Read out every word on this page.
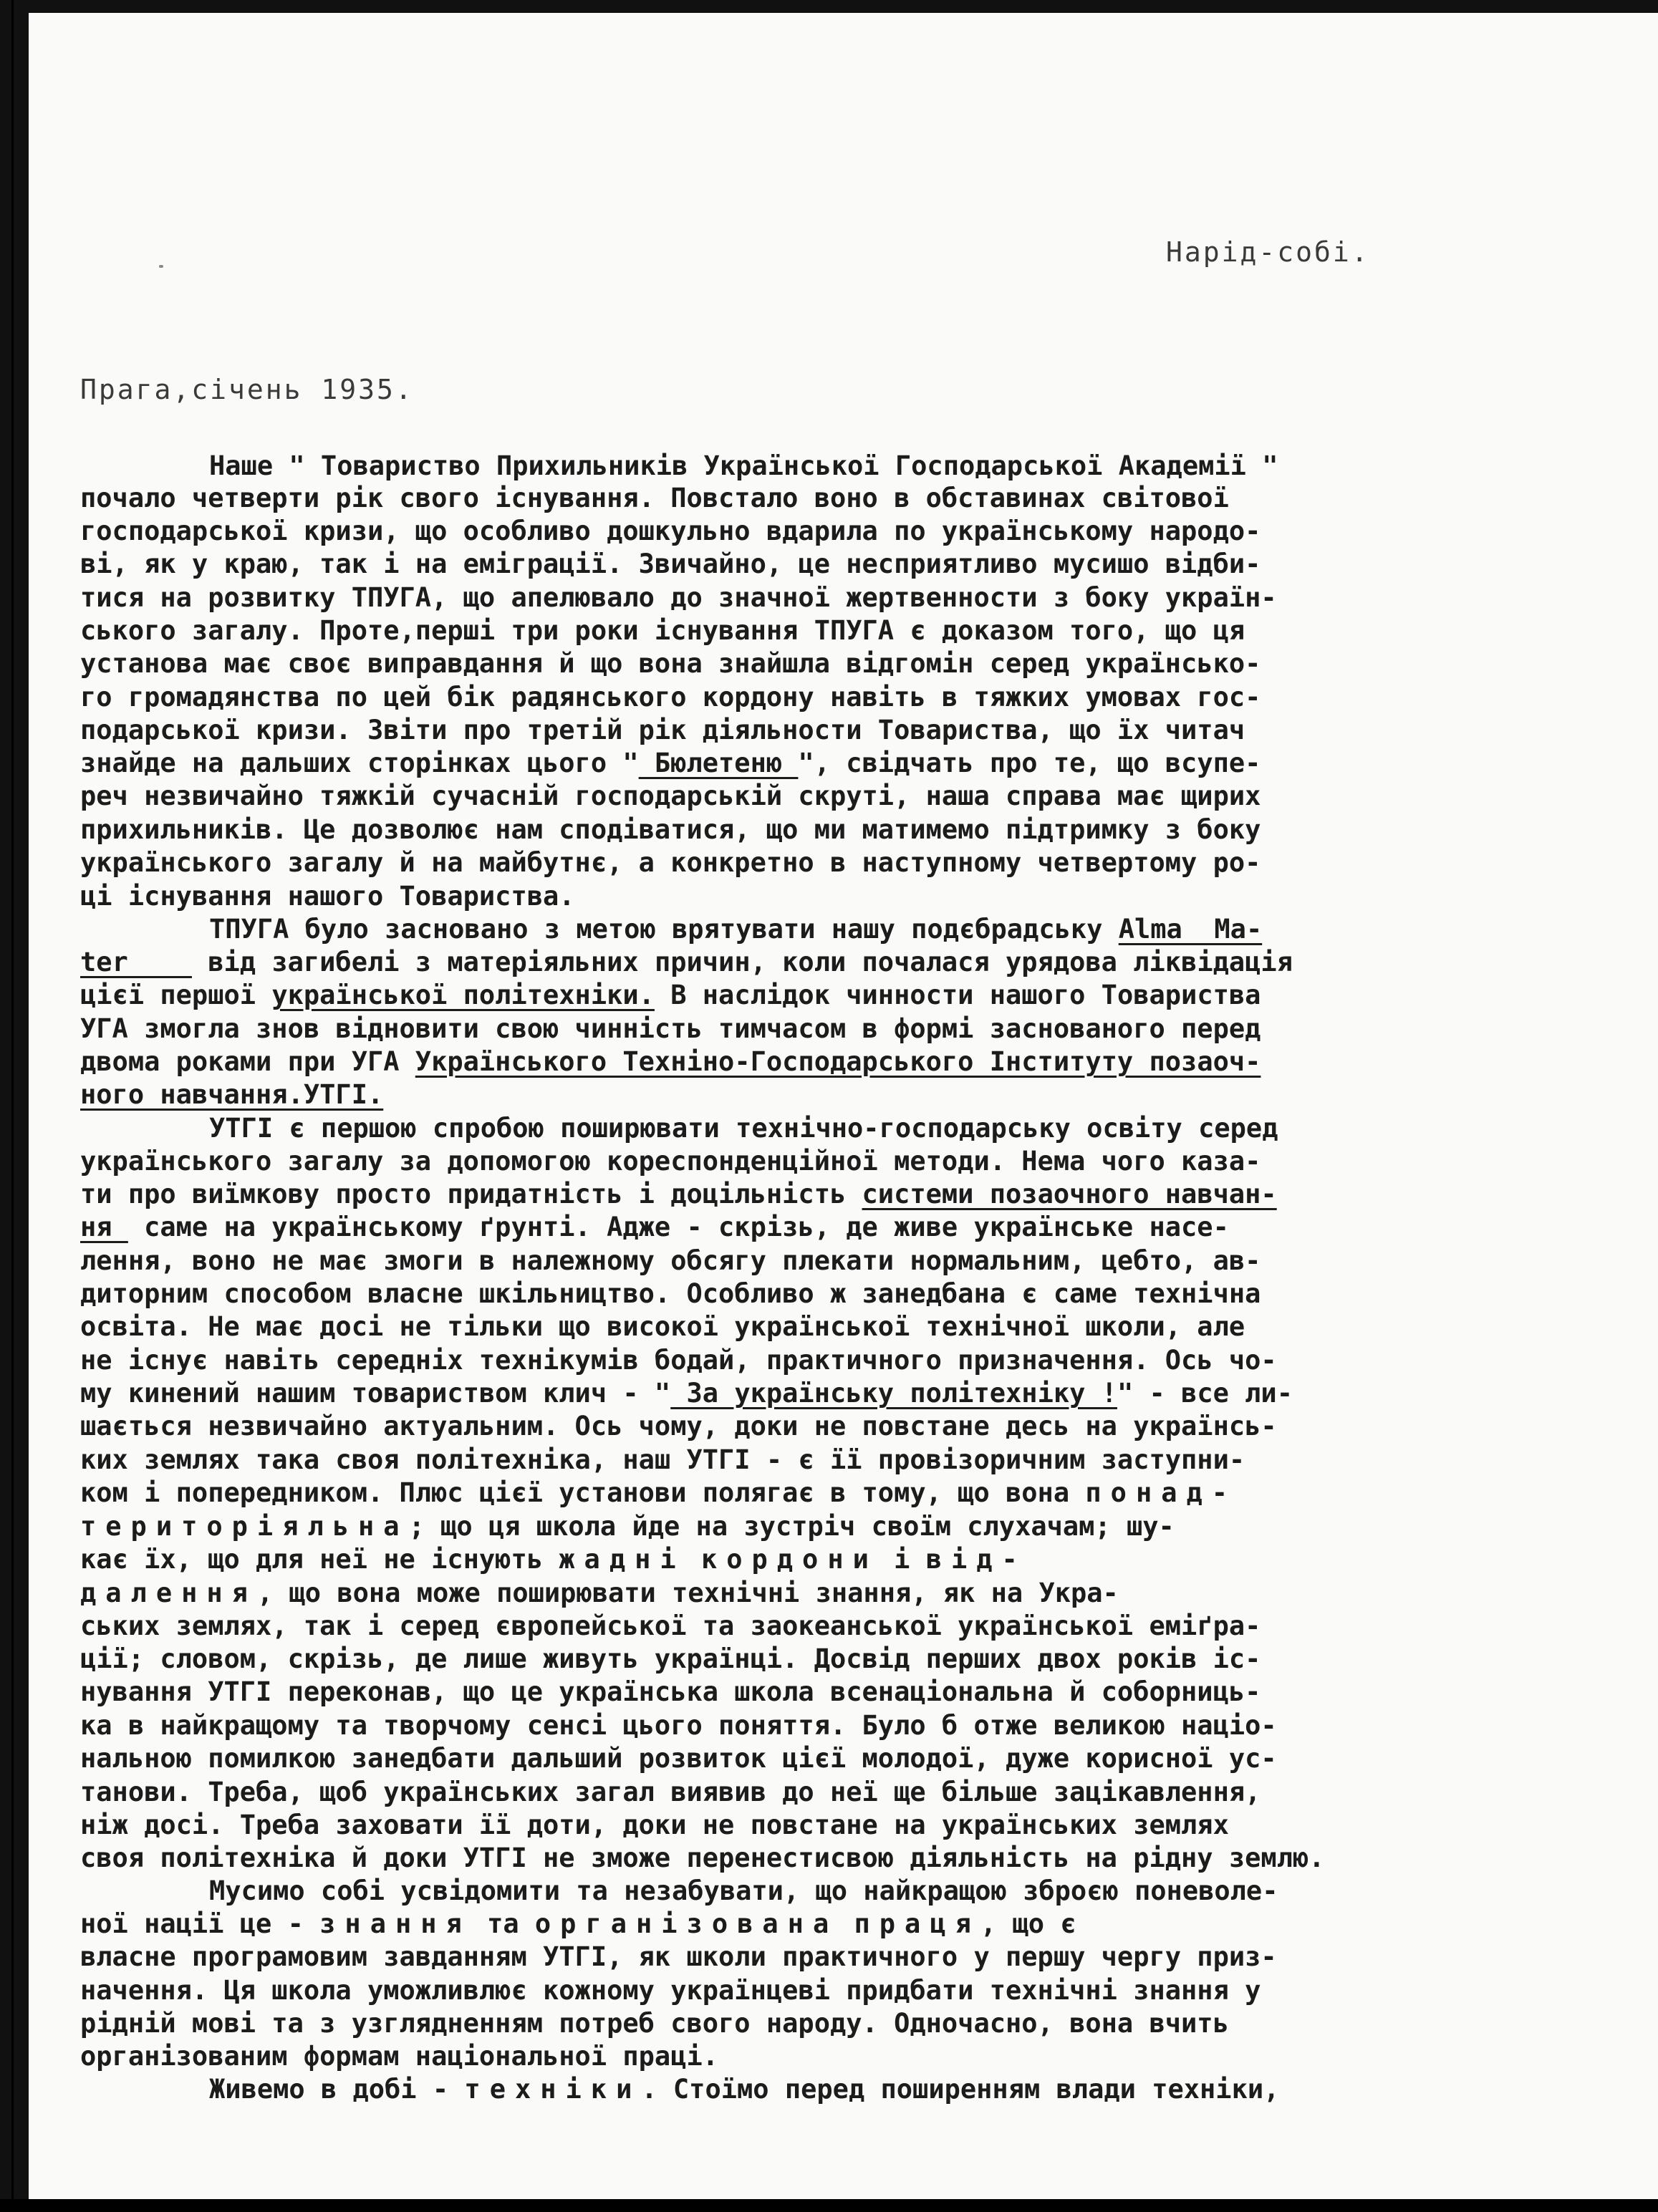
Нарід-собі.
Прага,січень 1935.
Наше " Товариство Прихильників Української Господарської Академії "
почало четверти рік свого існування. Повстало воно в обставинах світової
господарської кризи, що особливо дошкульно вдарила по українському народо-
ві, як у краю, так і на еміграції. Звичайно, це несприятливо мусишо відби-
тися на розвитку ТПУГА, що апелювало до значної жертвенности з боку україн-
ського загалу. Проте,перші три роки існування ТПУГА є доказом того, що ця
установа має своє виправдання й що вона знайшла відгомін серед українсько-
го громадянства по цей бік радянського кордону навіть в тяжких умовах гос-
подарської кризи. Звіти про третій рік діяльности Товариства, що їх читач
знайде на дальших сторінках цього " Бюлетеню ", свідчать про те, що всупе-
реч незвичайно тяжкій сучасній господарській скруті, наша справа має щирих
прихильників. Це дозволює нам сподіватися, що ми матимемо підтримку з боку
українського загалу й на майбутнє, а конкретно в наступному четвертому ро-
ці існування нашого Товариства.
ТПУГА було засновано з метою врятувати нашу подєбрадську Alma  Ma-
ter     від загибелі з матеріяльних причин, коли почалася урядова ліквідація
цієї першої української політехніки. В наслідок чинности нашого Товариства
УГА змогла знов відновити свою чинність тимчасом в формі заснованого перед
двома роками при УГА Українського Техніно-Господарського Інституту позаоч-
ного навчання.УТГІ.
УТГІ є першою спробою поширювати технічно-господарську освіту серед
українського загалу за допомогою кореспонденційної методи. Нема чого каза-
ти про виїмкову просто придатність і доцільність системи позаочного навчан-
ня  саме на українському ґрунті. Адже - скрізь, де живе українське насе-
лення, воно не має змоги в належному обсягу плекати нормальним, цебто, ав-
диторним способом власне шкільництво. Особливо ж занедбана є саме технічна
освіта. Не має досі не тільки що високої української технічної школи, але
не існує навіть середніх технікумів бодай, практичного призначення. Ось чо-
му кинений нашим товариством клич - " За українську політехніку !" - все ли-
шається незвичайно актуальним. Ось чому, доки не повстане десь на українсь-
ких землях така своя політехніка, наш УТГІ - є її провізоричним заступни-
ком і попередником. Плюс цієї установи полягає в тому, що вона понад-
територіяльна; що ця школа йде на зустріч своїм слухачам; шу-
кає їх, що для неї не існують жадні кордони і від-
далення, що вона може поширювати технічні знання, як на Укра-
ських землях, так і серед європейської та заокеанської української еміґра-
ції; словом, скрізь, де лише живуть українці. Досвід перших двох років іс-
нування УТГІ переконав, що це українська школа всенаціональна й соборниць-
ка в найкращому та творчому сенсі цього поняття. Було б отже великою націо-
нальною помилкою занедбати дальший розвиток цієї молодої, дуже корисної ус-
танови. Треба, щоб українських загал виявив до неї ще більше зацікавлення,
ніж досі. Треба заховати її доти, доки не повстане на українських землях
своя політехніка й доки УТГІ не зможе перенестисвою діяльність на рідну землю.
Мусимо собі усвідомити та незабувати, що найкращою зброєю поневоле-
ної нації це - знання та організована праця, що є
власне програмовим завданням УТГІ, як школи практичного у першу чергу приз-
начення. Ця школа уможливлює кожному українцеві придбати технічні знання у
рідній мові та з узглядненням потреб свого народу. Одночасно, вона вчить
організованим формам національної праці.
Живемо в добі - техніки. Стоїмо перед поширенням влади техніки,
